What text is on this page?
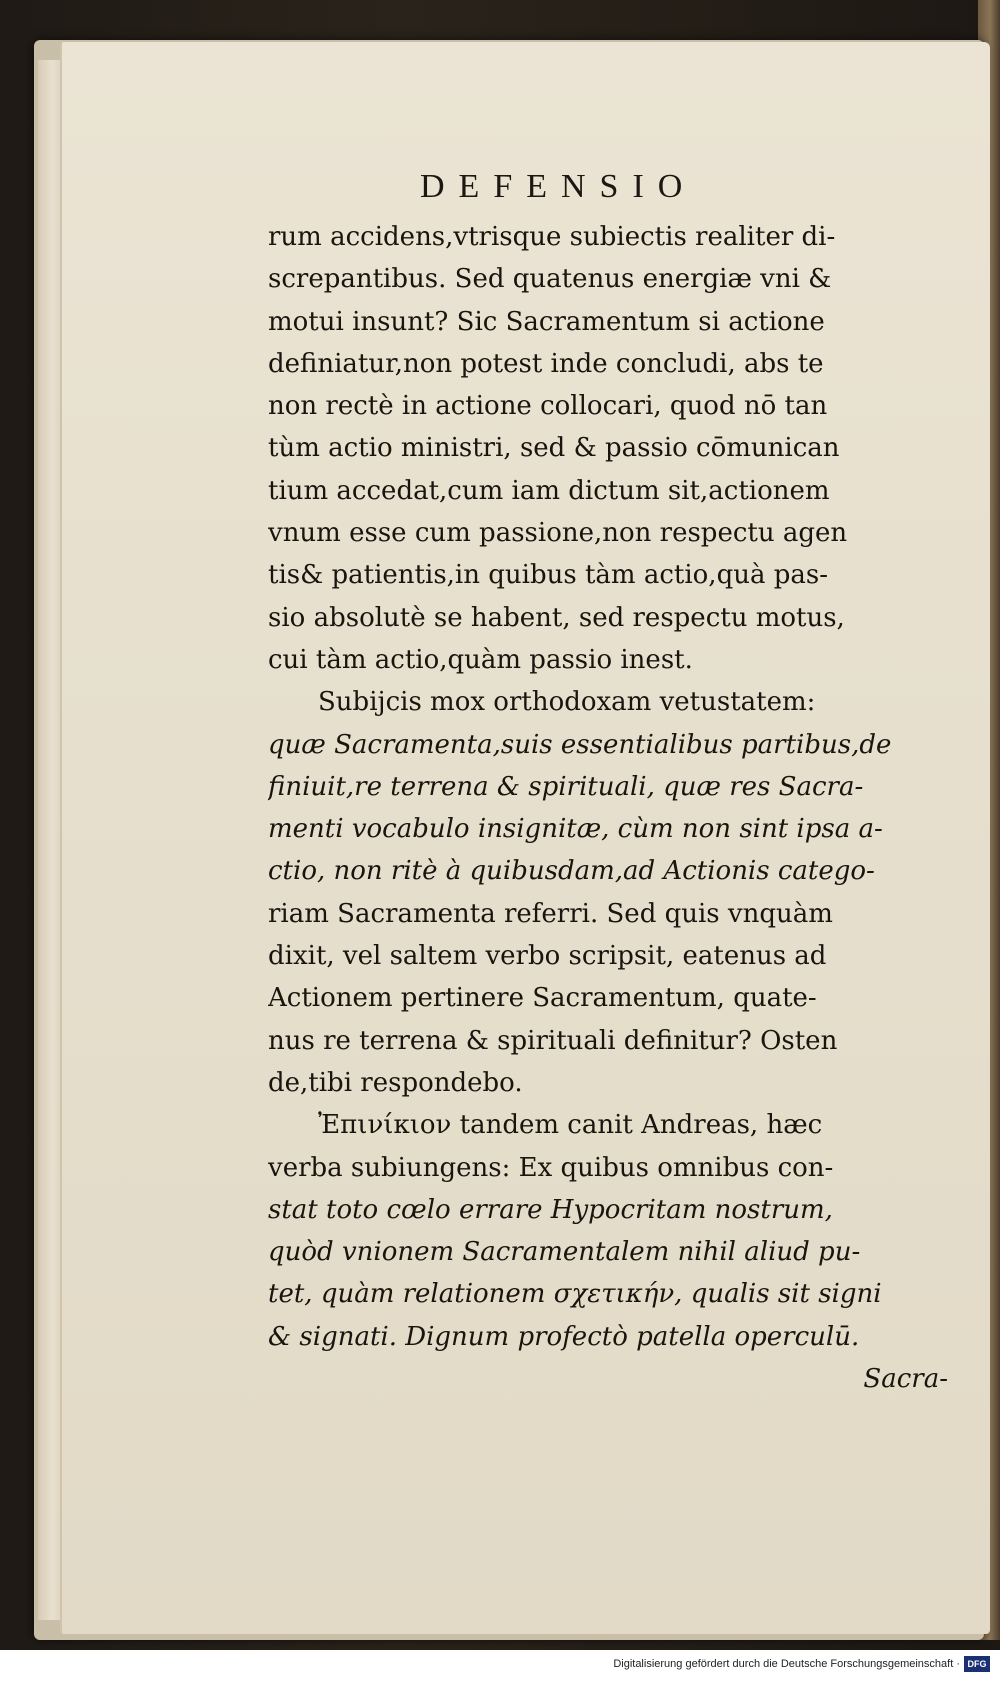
DEFENSIO
rum accidens,vtrisque subiectis realiter di-
screpantibus. Sed quatenus energiæ vni &
motui insunt? Sic Sacramentum si actione
definiatur,non potest inde concludi, abs te
non rectè in actione collocari, quod nō tan
tùm actio ministri, sed & passio cōmunican
tium accedat,cum iam dictum sit,actionem
vnum esse cum passione,non respectu agen
tis& patientis,in quibus tàm actio,quà pas-
sio absolutè se habent, sed respectu motus,
cui tàm actio,quàm passio inest.
Subijcis mox orthodoxam vetustatem:
quæ Sacramenta,suis essentialibus partibus,de
finiuit,re terrena & spirituali, quæ res Sacra-
menti vocabulo insignitæ, cùm non sint ipsa a-
ctio, non ritè à quibusdam,ad Actionis catego-
riam Sacramenta referri. Sed quis vnquàm
dixit, vel saltem verbo scripsit, eatenus ad
Actionem pertinere Sacramentum, quate-
nus re terrena & spirituali definitur? Osten
de,tibi respondebo.
Ἐπινίκιον tandem canit Andreas, hæc
verba subiungens: Ex quibus omnibus con-
stat toto cœlo errare Hypocritam nostrum,
quòd vnionem Sacramentalem nihil aliud pu-
tet, quàm relationem σχετικήν, qualis sit signi
& signati. Dignum profectò patella operculū.
Sacra-
Digitalisierung gefördert durch die Deutsche Forschungsgemeinschaft · DFG
